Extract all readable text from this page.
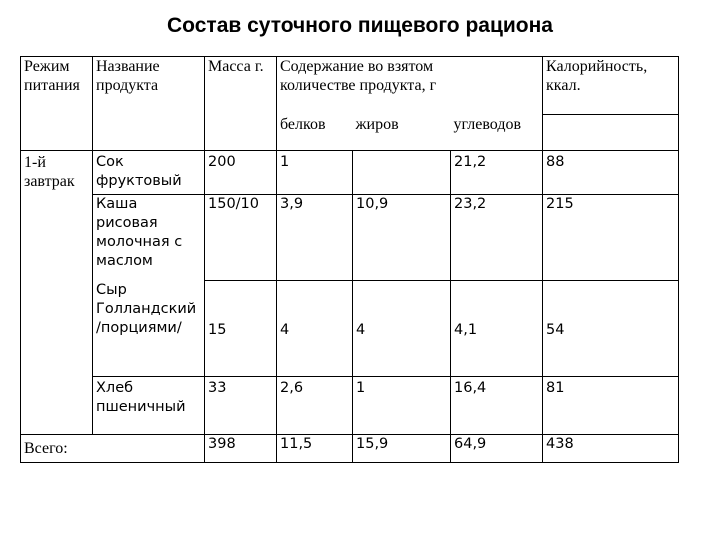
Состав суточного пищевого рациона
Режим
питания	Название
продукта	Масса г.	Содержание во взятом
количестве продукта, г			Калорийность,
ккал.

			белков	жиров	углеводов	

1-й
завтрак	Сок
фруктовый	200	1		21,2	88

	Каша
рисовая
молочная с
маслом	150/10	3,9	10,9	23,2	215

	Сыр
Голландский
/порциями/	15	4	4	4,1	54

	Хлеб
пшеничный	33	2,6	1	16,4	81
Всего:		398	11,5	15,9	64,9	438
